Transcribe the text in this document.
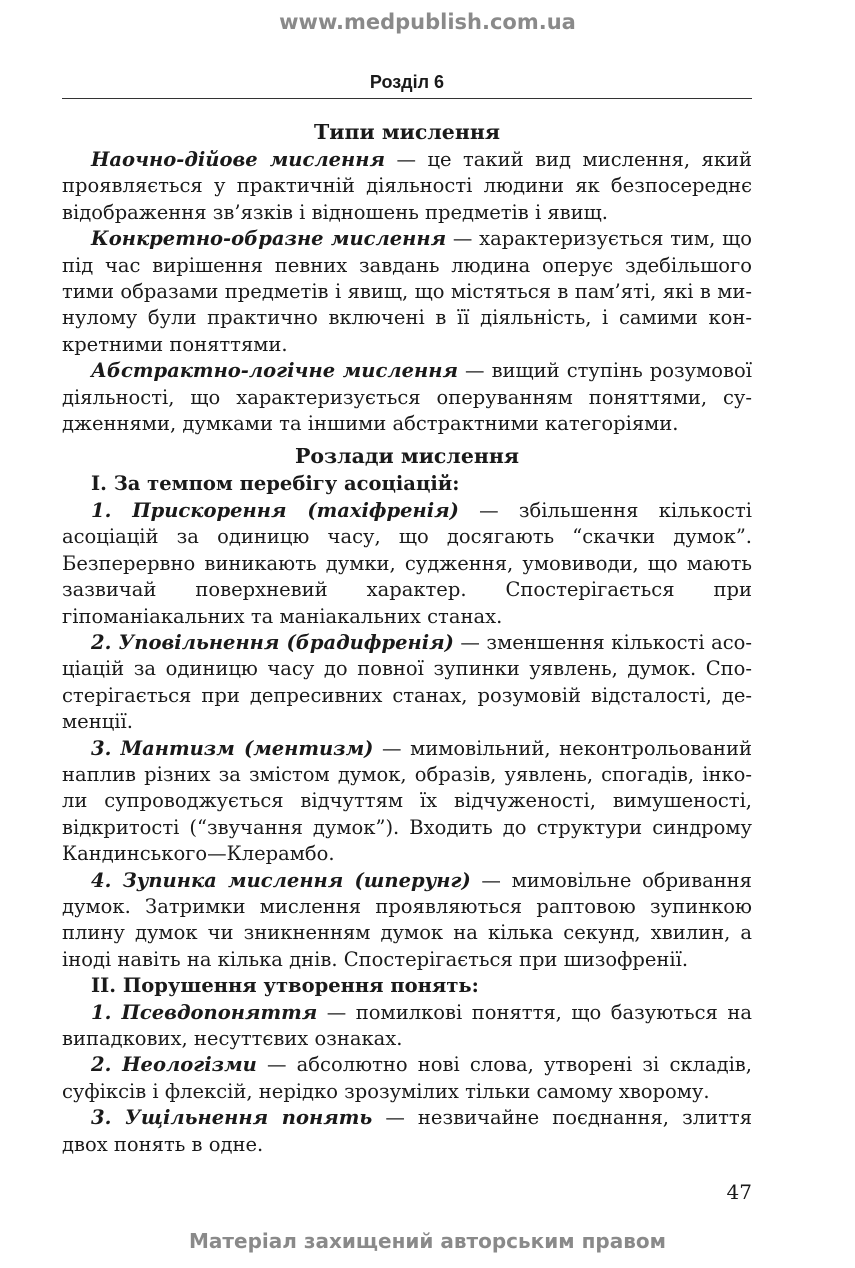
www.medpublish.com.ua
Розділ 6
Типи мислення

Наочно-дійове мислення — це такий вид мислення, який проявляється у практичній діяльності людини як безпосереднє відображення зв’язків і відношень предметів і явищ.

Конкретно-образне мислення — характеризується тим, що під час вирішення певних завдань людина оперує здебільшого тими образами предметів і явищ, що містяться в пам’яті, які в минулому були практично включені в її діяльність, і самими конкретними поняттями.

Абстрактно-логічне мислення — вищий ступінь розумової діяльності, що характеризується оперуванням поняттями, судженнями, думками та іншими абстрактними категоріями.

Розлади мислення

І. За темпом перебігу асоціацій:

1. Прискорення (тахіфренія) — збільшення кількості асоціацій за одиницю часу, що досягають “скачки думок”. Безперервно виникають думки, судження, умовиводи, що мають зазвичай поверхневий характер. Спостерігається при гіпоманіакальних та маніакальних станах.

2. Уповільнення (брадифренія) — зменшення кількості асоціацій за одиницю часу до повної зупинки уявлень, думок. Спостерігається при депресивних станах, розумовій відсталості, деменції.

3. Мантизм (ментизм) — мимовільний, неконтрольований наплив різних за змістом думок, образів, уявлень, спогадів, інколи супроводжується відчуттям їх відчуженості, вимушеності, відкритості (“звучання думок”). Входить до структури синдрому Кандинського—Клерамбо.

4. Зупинка мислення (шперунг) — мимовільне обривання думок. Затримки мислення проявляються раптовою зупинкою плину думок чи зникненням думок на кілька секунд, хвилин, а іноді навіть на кілька днів. Спостерігається при шизофренії.

ІІ. Порушення утворення понять:

1. Псевдопоняття — помилкові поняття, що базуються на випадкових, несуттєвих ознаках.

2. Неологізми — абсолютно нові слова, утворені зі складів, суфіксів і флексій, нерідко зрозумілих тільки самому хворому.

3. Ущільнення понять — незвичайне поєднання, злиття двох понять в одне.

47
Матеріал захищений авторським правом
